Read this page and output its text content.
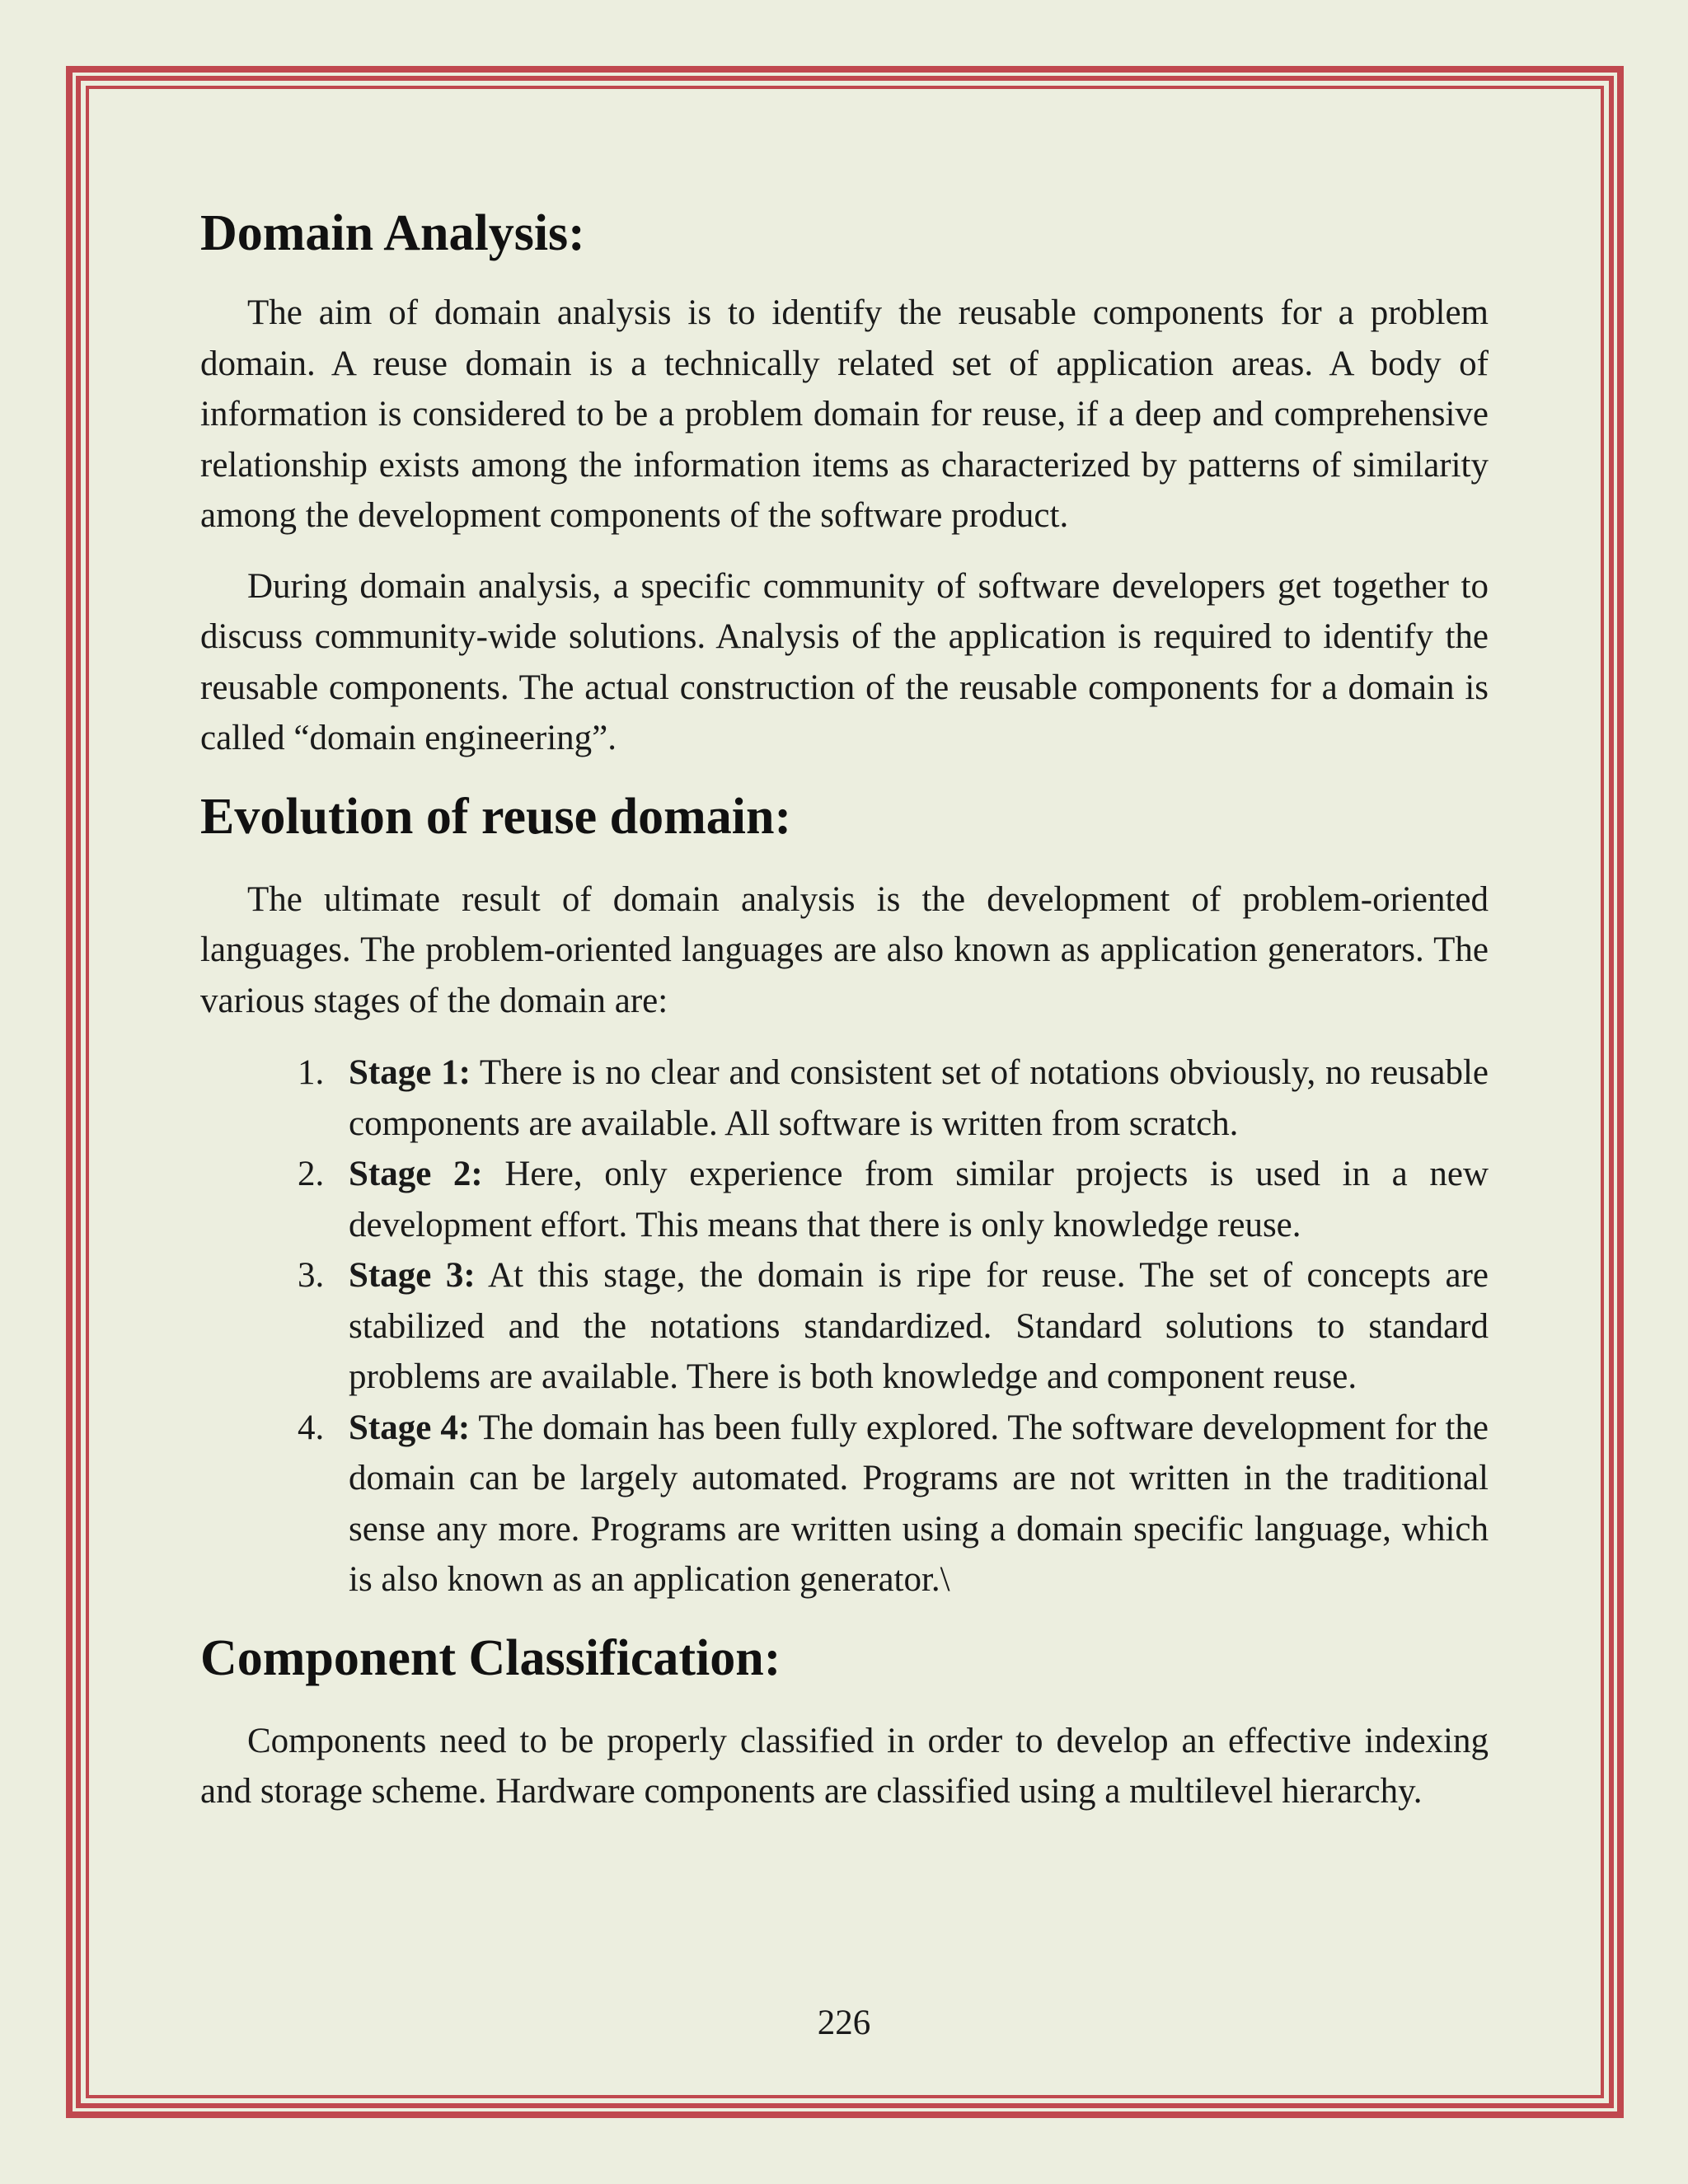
Domain Analysis:

The aim of domain analysis is to identify the reusable components for a problem domain. A reuse domain is a technically related set of application areas. A body of information is considered to be a problem domain for reuse, if a deep and comprehensive relationship exists among the information items as characterized by patterns of similarity among the development components of the software product.

During domain analysis, a specific community of software developers get together to discuss community-wide solutions. Analysis of the application is required to identify the reusable components. The actual construction of the reusable components for a domain is called “domain engineering”.

Evolution of reuse domain:

The ultimate result of domain analysis is the development of problem-oriented languages. The problem-oriented languages are also known as application generators. The various stages of the domain are:

1. Stage 1: There is no clear and consistent set of notations obviously, no reusable components are available. All software is written from scratch.
2. Stage 2: Here, only experience from similar projects is used in a new development effort. This means that there is only knowledge reuse.
3. Stage 3: At this stage, the domain is ripe for reuse. The set of concepts are stabilized and the notations standardized. Standard solutions to standard problems are available. There is both knowledge and component reuse.
4. Stage 4: The domain has been fully explored. The software development for the domain can be largely automated. Programs are not written in the traditional sense any more. Programs are written using a domain specific language, which is also known as an application generator.\
Component Classification:

Components need to be properly classified in order to develop an effective indexing and storage scheme. Hardware components are classified using a multilevel hierarchy.

226
